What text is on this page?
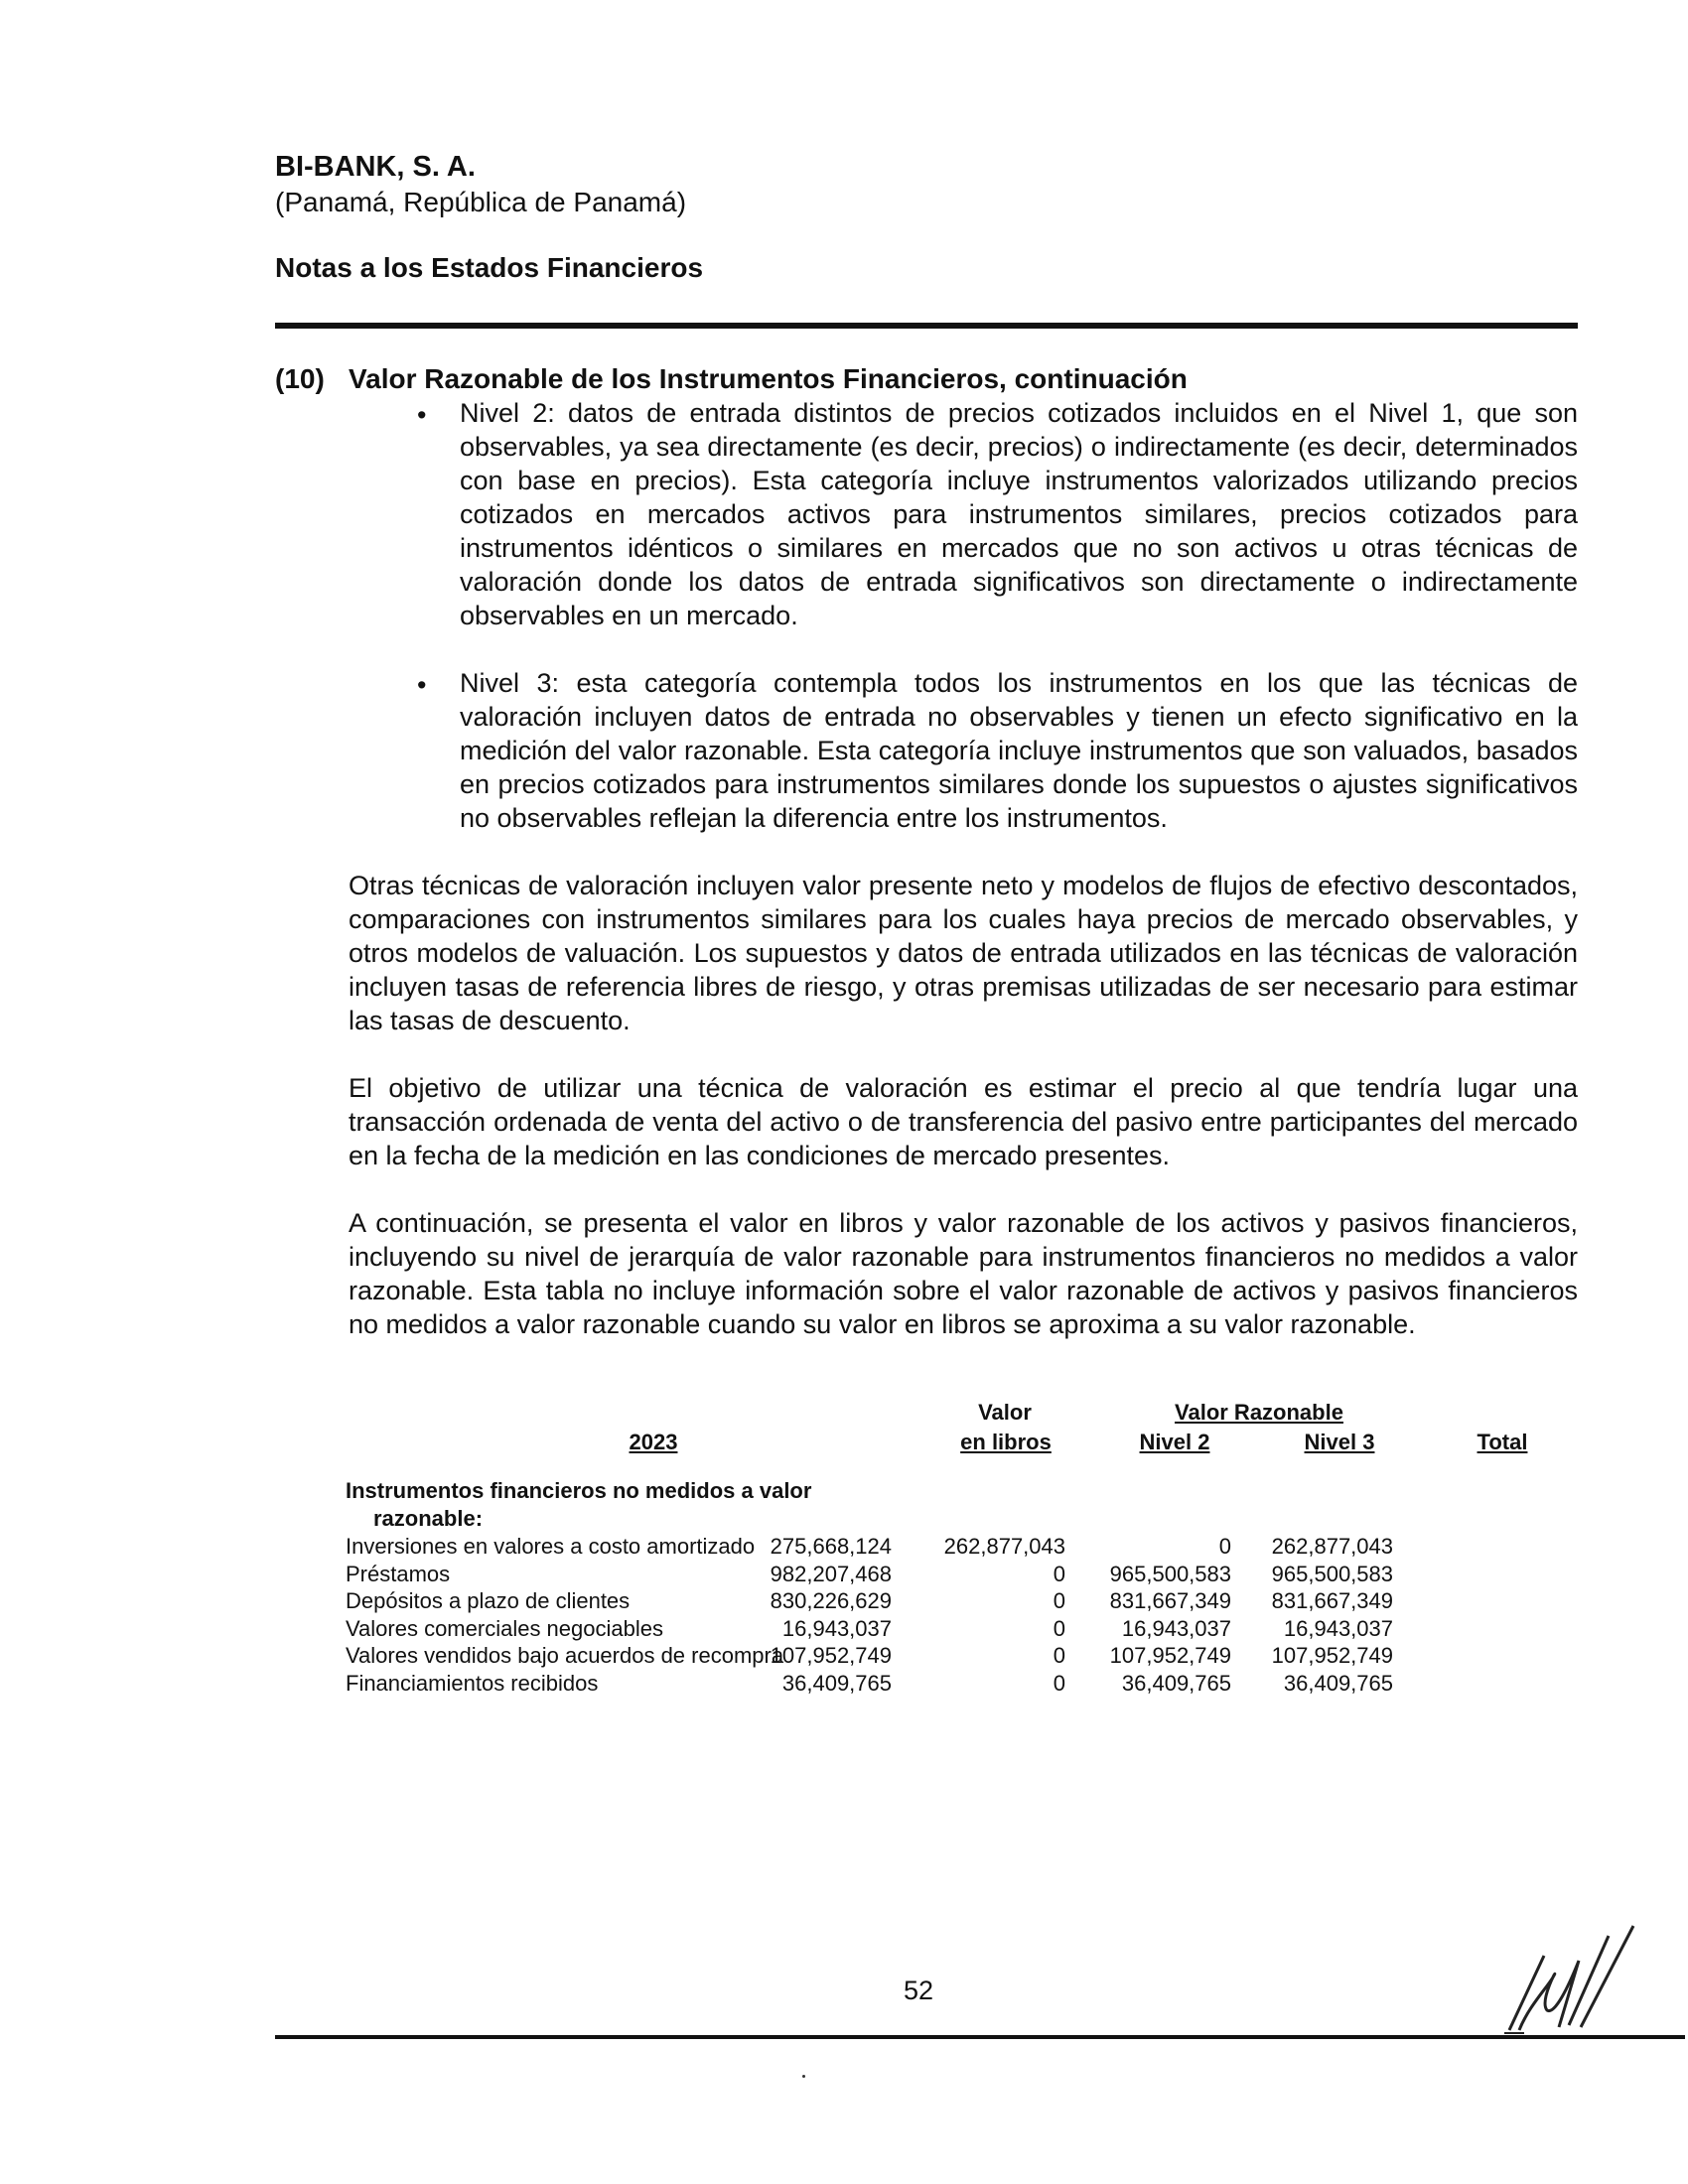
BI-BANK, S. A.
(Panamá, República de Panamá)
Notas a los Estados Financieros
(10) Valor Razonable de los Instrumentos Financieros, continuación
•	Nivel 2: datos de entrada distintos de precios cotizados incluidos en el Nivel 1, que son observables, ya sea directamente (es decir, precios) o indirectamente (es decir, determinados con base en precios). Esta categoría incluye instrumentos valorizados utilizando precios cotizados en mercados activos para instrumentos similares, precios cotizados para instrumentos idénticos o similares en mercados que no son activos u otras técnicas de valoración donde los datos de entrada significativos son directamente o indirectamente observables en un mercado.
•	Nivel 3: esta categoría contempla todos los instrumentos en los que las técnicas de valoración incluyen datos de entrada no observables y tienen un efecto significativo en la medición del valor razonable. Esta categoría incluye instrumentos que son valuados, basados en precios cotizados para instrumentos similares donde los supuestos o ajustes significativos no observables reflejan la diferencia entre los instrumentos.
Otras técnicas de valoración incluyen valor presente neto y modelos de flujos de efectivo descontados, comparaciones con instrumentos similares para los cuales haya precios de mercado observables, y otros modelos de valuación. Los supuestos y datos de entrada utilizados en las técnicas de valoración incluyen tasas de referencia libres de riesgo, y otras premisas utilizadas de ser necesario para estimar las tasas de descuento.
El objetivo de utilizar una técnica de valoración es estimar el precio al que tendría lugar una transacción ordenada de venta del activo o de transferencia del pasivo entre participantes del mercado en la fecha de la medición en las condiciones de mercado presentes.
A continuación, se presenta el valor en libros y valor razonable de los activos y pasivos financieros, incluyendo su nivel de jerarquía de valor razonable para instrumentos financieros no medidos a valor razonable. Esta tabla no incluye información sobre el valor razonable de activos y pasivos financieros no medidos a valor razonable cuando su valor en libros se aproxima a su valor razonable.
Valor	Valor Razonable
2023	en libros	Nivel 2	Nivel 3	Total
Instrumentos financieros no medidos a valor
razonable:
Inversiones en valores a costo amortizado 275,668,124 262,877,043	0 262,877,043
Préstamos	982,207,468	0 965,500,583 965,500,583
Depósitos a plazo de clientes	830,226,629	0 831,667,349 831,667,349
Valores comerciales negociables	16,943,037	0	16,943,037 16,943,037
Valores vendidos bajo acuerdos de recompra
107,952,749	0 107,952,749 107,952,749
Financiamientos recibidos	36,409,765	0	36,409,765 36,409,765
52
